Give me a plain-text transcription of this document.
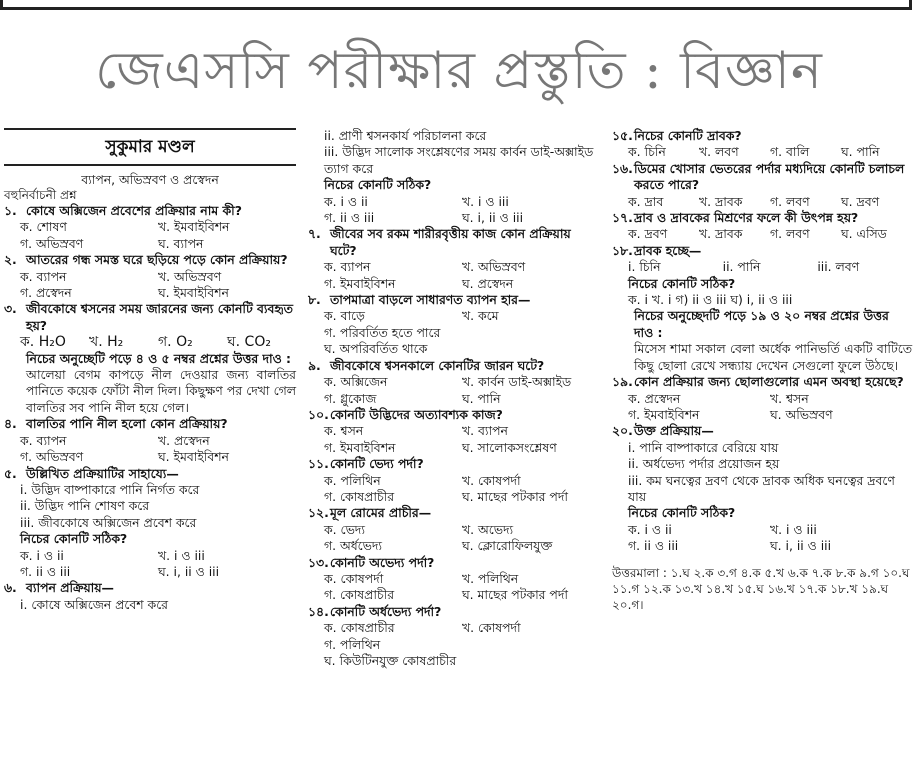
জেএসসি পরীক্ষার প্রস্তুতি : বিজ্ঞান
সুকুমার মণ্ডল
ব্যাপন, অভিস্রবণ ও প্রস্বেদন
বহুনির্বাচনী প্রশ্ন
১. কোষে অক্সিজেন প্রবেশের প্রক্রিয়ার নাম কী?
ক. শোষণ	খ. ইমবাইবিশন
গ. অভিস্রবণ	ঘ. ব্যাপন
২. আতরের গন্ধ সমস্ত ঘরে ছড়িয়ে পড়ে কোন প্রক্রিয়ায়?
ক. ব্যাপন	খ. অভিস্রবণ
গ. প্রস্বেদন	ঘ. ইমবাইবিশন
৩. জীবকোষে শ্বসনের সময় জারনের জন্য কোনটি ব্যবহৃত হয়?
ক. H₂O	খ. H₂	গ. O₂	ঘ. CO₂
নিচের অনুচ্ছেটি পড়ে ৪ ও ৫ নম্বর প্রশ্নের উত্তর দাও :
আলেয়া বেগম কাপড়ে নীল দেওয়ার জন্য বালতির পানিতে কয়েক ফোঁটা নীল দিল। কিছুক্ষণ পর দেখা গেল বালতির সব পানি নীল হয়ে গেল।
৪. বালতির পানি নীল হলো কোন প্রক্রিয়ায়?
ক. ব্যাপন	খ. প্রস্বেদন
গ. অভিস্রবণ	ঘ. ইমবাইবিশন
৫. উল্লিখিত প্রক্রিয়াটির সাহায্যে—
i. উদ্ভিদ বাষ্পাকারে পানি নির্গত করে
ii. উদ্ভিদ পানি শোষণ করে
iii. জীবকোষে অক্সিজেন প্রবেশ করে
নিচের কোনটি সঠিক?
ক. i ও ii	খ. i ও iii
গ. ii ও iii	ঘ. i, ii ও iii
৬. ব্যাপন প্রক্রিয়ায়—
i. কোষে অক্সিজেন প্রবেশ করে
ii. প্রাণী শ্বসনকার্য পরিচালনা করে
iii. উদ্ভিদ সালোক সংশ্লেষণের সময় কার্বন ডাই-অক্সাইড ত্যাগ করে
নিচের কোনটি সঠিক?
ক. i ও ii	খ. i ও iii
গ. ii ও iii	ঘ. i, ii ও iii
৭. জীবের সব রকম শারীরবৃত্তীয় কাজ কোন প্রক্রিয়ায় ঘটে?
ক. ব্যাপন	খ. অভিস্রবণ
গ. ইমবাইবিশন	ঘ. প্রস্বেদন
৮. তাপমাত্রা বাড়লে সাধারণত ব্যাপন হার—
ক. বাড়ে	খ. কমে
গ. পরিবর্তিত হতে পারে
ঘ. অপরিবর্তিত থাকে
৯. জীবকোষে শ্বসনকালে কোনটির জারন ঘটে?
ক. অক্সিজেন	খ. কার্বন ডাই-অক্সাইড
গ. গ্লুকোজ	ঘ. পানি
১০. কোনটি উদ্ভিদের অত্যাবশ্যক কাজ?
ক. শ্বসন	খ. ব্যাপন
গ. ইমবাইবিশন	ঘ. সালোকসংশ্লেষণ
১১. কোনটি ভেদ্য পর্দা?
ক. পলিথিন	খ. কোষপর্দা
গ. কোষপ্রাচীর	ঘ. মাছের পটকার পর্দা
১২. মূল রোমের প্রাচীর—
ক. ভেদ্য	খ. অভেদ্য
গ. অর্ধভেদ্য	ঘ. ক্লোরোফিলযুক্ত
১৩. কোনটি অভেদ্য পর্দা?
ক. কোষপর্দা	খ. পলিথিন
গ. কোষপ্রাচীর	ঘ. মাছের পটকার পর্দা
১৪. কোনটি অর্ধভেদ্য পর্দা?
ক. কোষপ্রাচীর	খ. কোষপর্দা
গ. পলিথিন
ঘ. কিউটিনযুক্ত কোষপ্রাচীর
১৫. নিচের কোনটি দ্রাবক?
ক. চিনি	খ. লবণ	গ. বালি	ঘ. পানি
১৬. ডিমের খোসার ভেতরের পর্দার মধ্যদিয়ে কোনটি চলাচল করতে পারে?
ক. দ্রাব	খ. দ্রাবক	গ. লবণ	ঘ. দ্রবণ
১৭. দ্রাব ও দ্রাবকের মিশ্রণের ফলে কী উৎপন্ন হয়?
ক. দ্রবণ	খ. দ্রাবক	গ. লবণ	ঘ. এসিড
১৮. দ্রাবক হচ্ছে—
i. চিনি	ii. পানি	iii. লবণ
নিচের কোনটি সঠিক?
ক. i খ. i গ) ii ও iii ঘ) i, ii ও iii
নিচের অনুচ্ছেদটি পড়ে ১৯ ও ২০ নম্বর প্রশ্নের উত্তর দাও :
মিসেস শামা সকাল বেলা অর্ধেক পানিভর্তি একটি বাটিতে কিছু ছোলা রেখে সন্ধ্যায় দেখেন সেগুলো ফুলে উঠছে।
১৯. কোন প্রক্রিয়ার জন্য ছোলাগুলোর এমন অবস্থা হয়েছে?
ক. প্রস্বেদন	খ. শ্বসন
গ. ইমবাইবিশন	ঘ. অভিস্রবণ
২০. উক্ত প্রক্রিয়ায়—
i. পানি বাষ্পাকারে বেরিয়ে যায়
ii. অর্ধভেদ্য পর্দার প্রয়োজন হয়
iii. কম ঘনত্বের দ্রবণ থেকে দ্রাবক অধিক ঘনত্বের দ্রবণে যায়
নিচের কোনটি সঠিক?
ক. i ও ii	খ. i ও iii
গ. ii ও iii	ঘ. i, ii ও iii
উত্তরমালা : ১.ঘ ২.ক ৩.গ ৪.ক ৫.খ ৬.ক ৭.ক ৮.ক ৯.গ ১০.ঘ ১১.গ ১২.ক ১৩.খ ১৪.খ ১৫.ঘ ১৬.খ ১৭.ক ১৮.খ ১৯.ঘ ২০.গ।
